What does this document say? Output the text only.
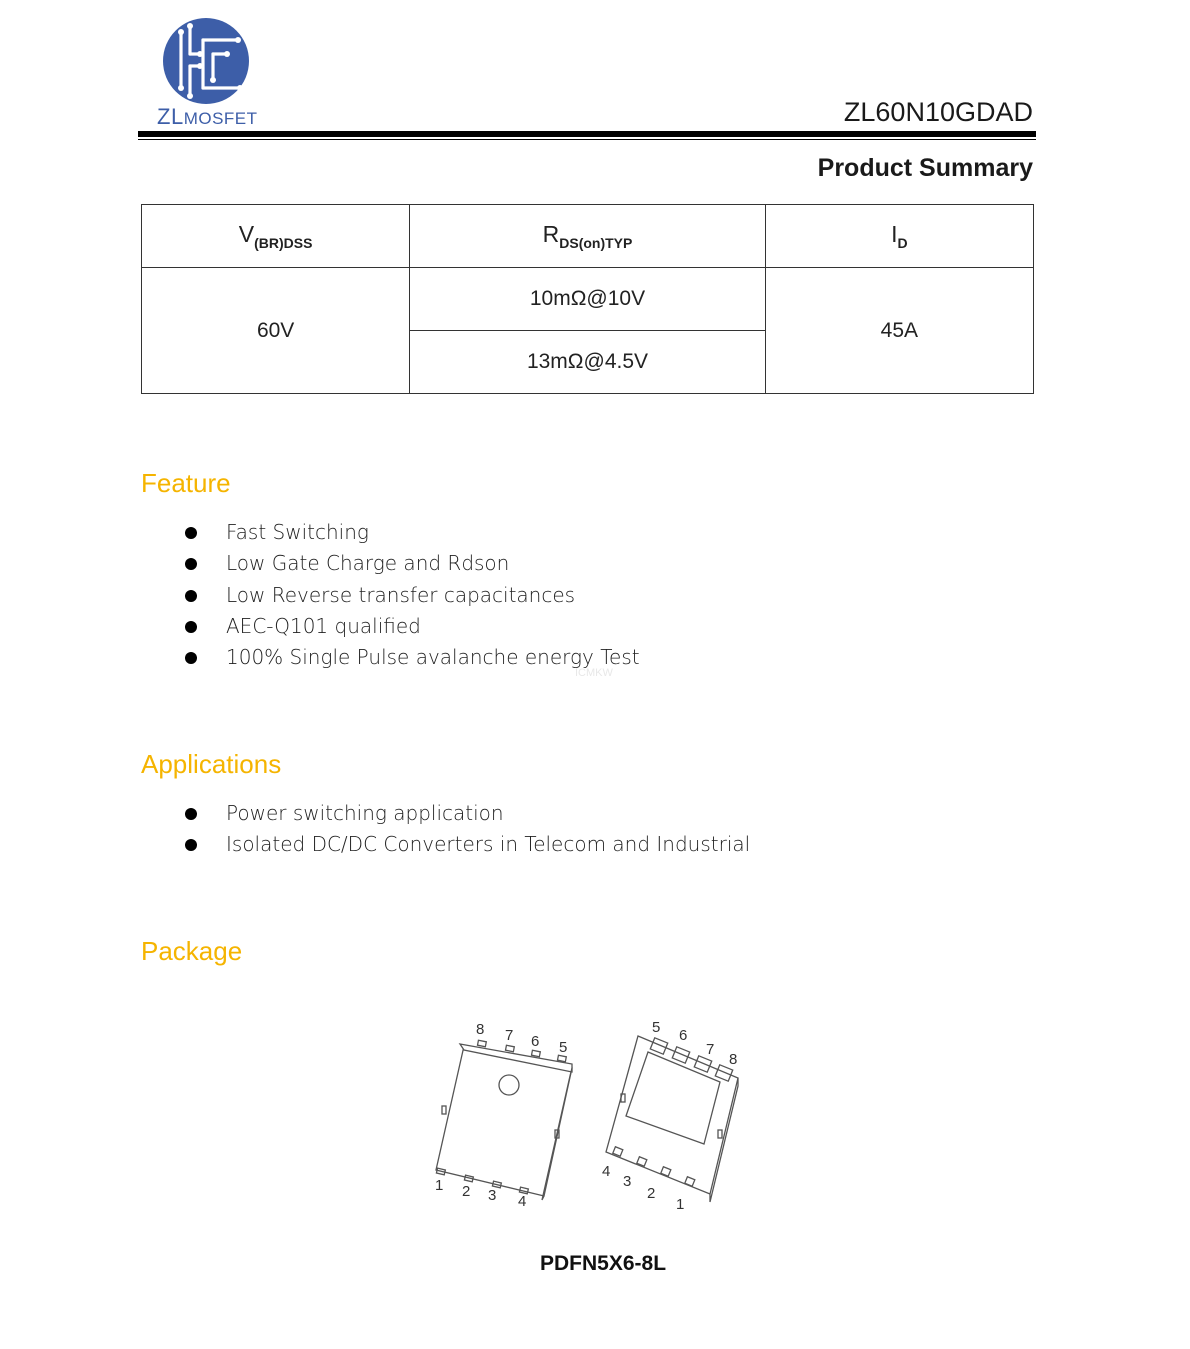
ZLMOSFET	ZL60N10GDAD
Product Summary
$V_{(BR)DSS}$	$R_{DS(on)TYP}$	$I_D$
60V	10mΩ@10V	45A
	13mΩ@4.5V	
Feature
Fast Switching
Low Gate Charge and Rdson
Low Reverse transfer capacitances
AEC-Q101 qualified
100% Single Pulse avalanche energy Test
ICMKW
Applications
Power switching application
Isolated DC/DC Converters in Telecom and Industrial
Package
8 7 6 5
1 2 3 4
5 6
7
8
4
3
2
1
PDFN5X6-8L
